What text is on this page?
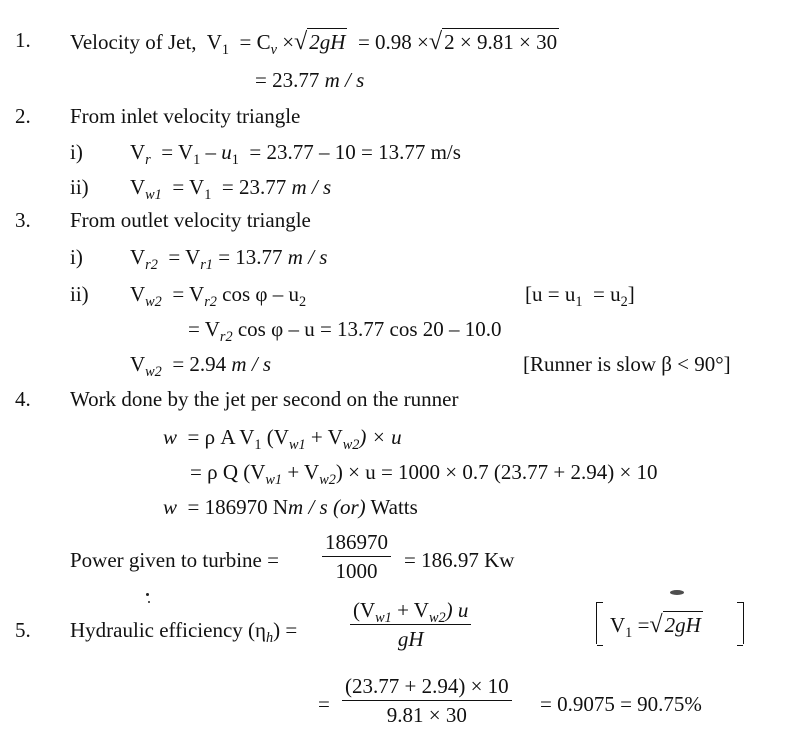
1. Velocity of Jet, $V_1 = C_v \times√2gH = 0.98 \times√2 \times 9.81 \times 30$
= 23.77 m / s
2. From inlet velocity triangle
i) $V_r = V_1 - u_1 = 23.77 - 10 = 13.77$ m/s
ii) $V_{w1} = V_1 = 23.77$ m / s
3. From outlet velocity triangle
i) $V_{r2} = V_{r1} = 13.77$ m / s
ii) $V_{w2} = V_{r2}$ cos φ – $u_2$	$[u = u_1 = u_2]$
= $V_{r2}$ cos φ – u = 13.77 cos 20 – 10.0
$V_{w2} = 2.94$ m / s	[Runner is slow β < 90°]
4. Work done by the jet per second on the runner
w = ρ A $V_1$ $(V_{w1} + V_{w2}) \times u$
= ρ Q $(V_{w1} + V_{w2}) \times u = 1000 \times 0.7$ (23.77 + 2.94) × 10
w = 186970 Nm / s (or) Watts
Power given to turbine = $\frac{186970}{1000} = 186.97$ Kw
5. Hydraulic efficiency $(\eta_h)$ =	$\frac{(V_{w1} + V_{w2}) u}{gH}$	$V_1 =√2gH$
= $\frac{(23.77 + 2.94) \times 10}{9.81 \times 30} = 0.9075 = 90.75\%$
